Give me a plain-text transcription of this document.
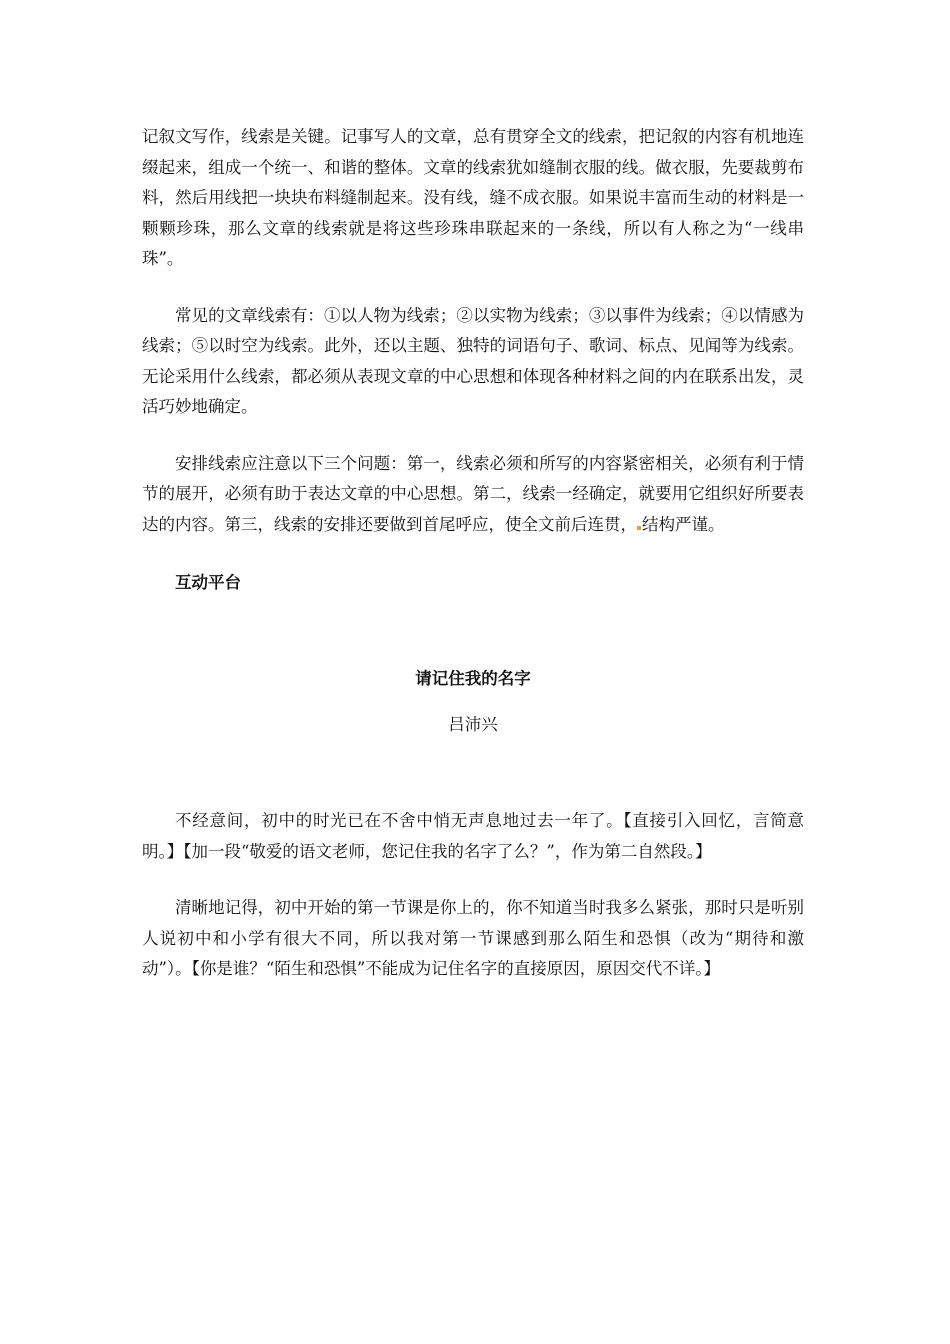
记叙文写作，线索是关键。记事写人的文章，总有贯穿全文的线索，把记叙的内容有机地连缀起来，组成一个统一、和谐的整体。文章的线索犹如缝制衣服的线。做衣服，先要裁剪布料，然后用线把一块块布料缝制起来。没有线，缝不成衣服。如果说丰富而生动的材料是一颗颗珍珠，那么文章的线索就是将这些珍珠串联起来的一条线，所以有人称之为“一线串珠”。

常见的文章线索有：①以人物为线索；②以实物为线索；③以事件为线索；④以情感为线索；⑤以时空为线索。此外，还以主题、独特的词语句子、歌词、标点、见闻等为线索。无论采用什么线索，都必须从表现文章的中心思想和体现各种材料之间的内在联系出发，灵活巧妙地确定。

安排线索应注意以下三个问题：第一，线索必须和所写的内容紧密相关，必须有利于情节的展开，必须有助于表达文章的中心思想。第二，线索一经确定，就要用它组织好所要表达的内容。第三，线索的安排还要做到首尾呼应，使全文前后连贯， 结构严谨。

互动平台
请记住我的名字

吕沛兴

不经意间，初中的时光已在不舍中悄无声息地过去一年了。【直接引入回忆，言简意明。】【加一段“敬爱的语文老师，您记住我的名字了么？”，作为第二自然段。】

清晰地记得，初中开始的第一节课是你上的，你不知道当时我多么紧张，那时只是听别人说初中和小学有很大不同，所以我对第一节课感到那么陌生和恐惧（改为“期待和激动”）。【你是谁？“陌生和恐惧”不能成为记住名字的直接原因，原因交代不详。】
